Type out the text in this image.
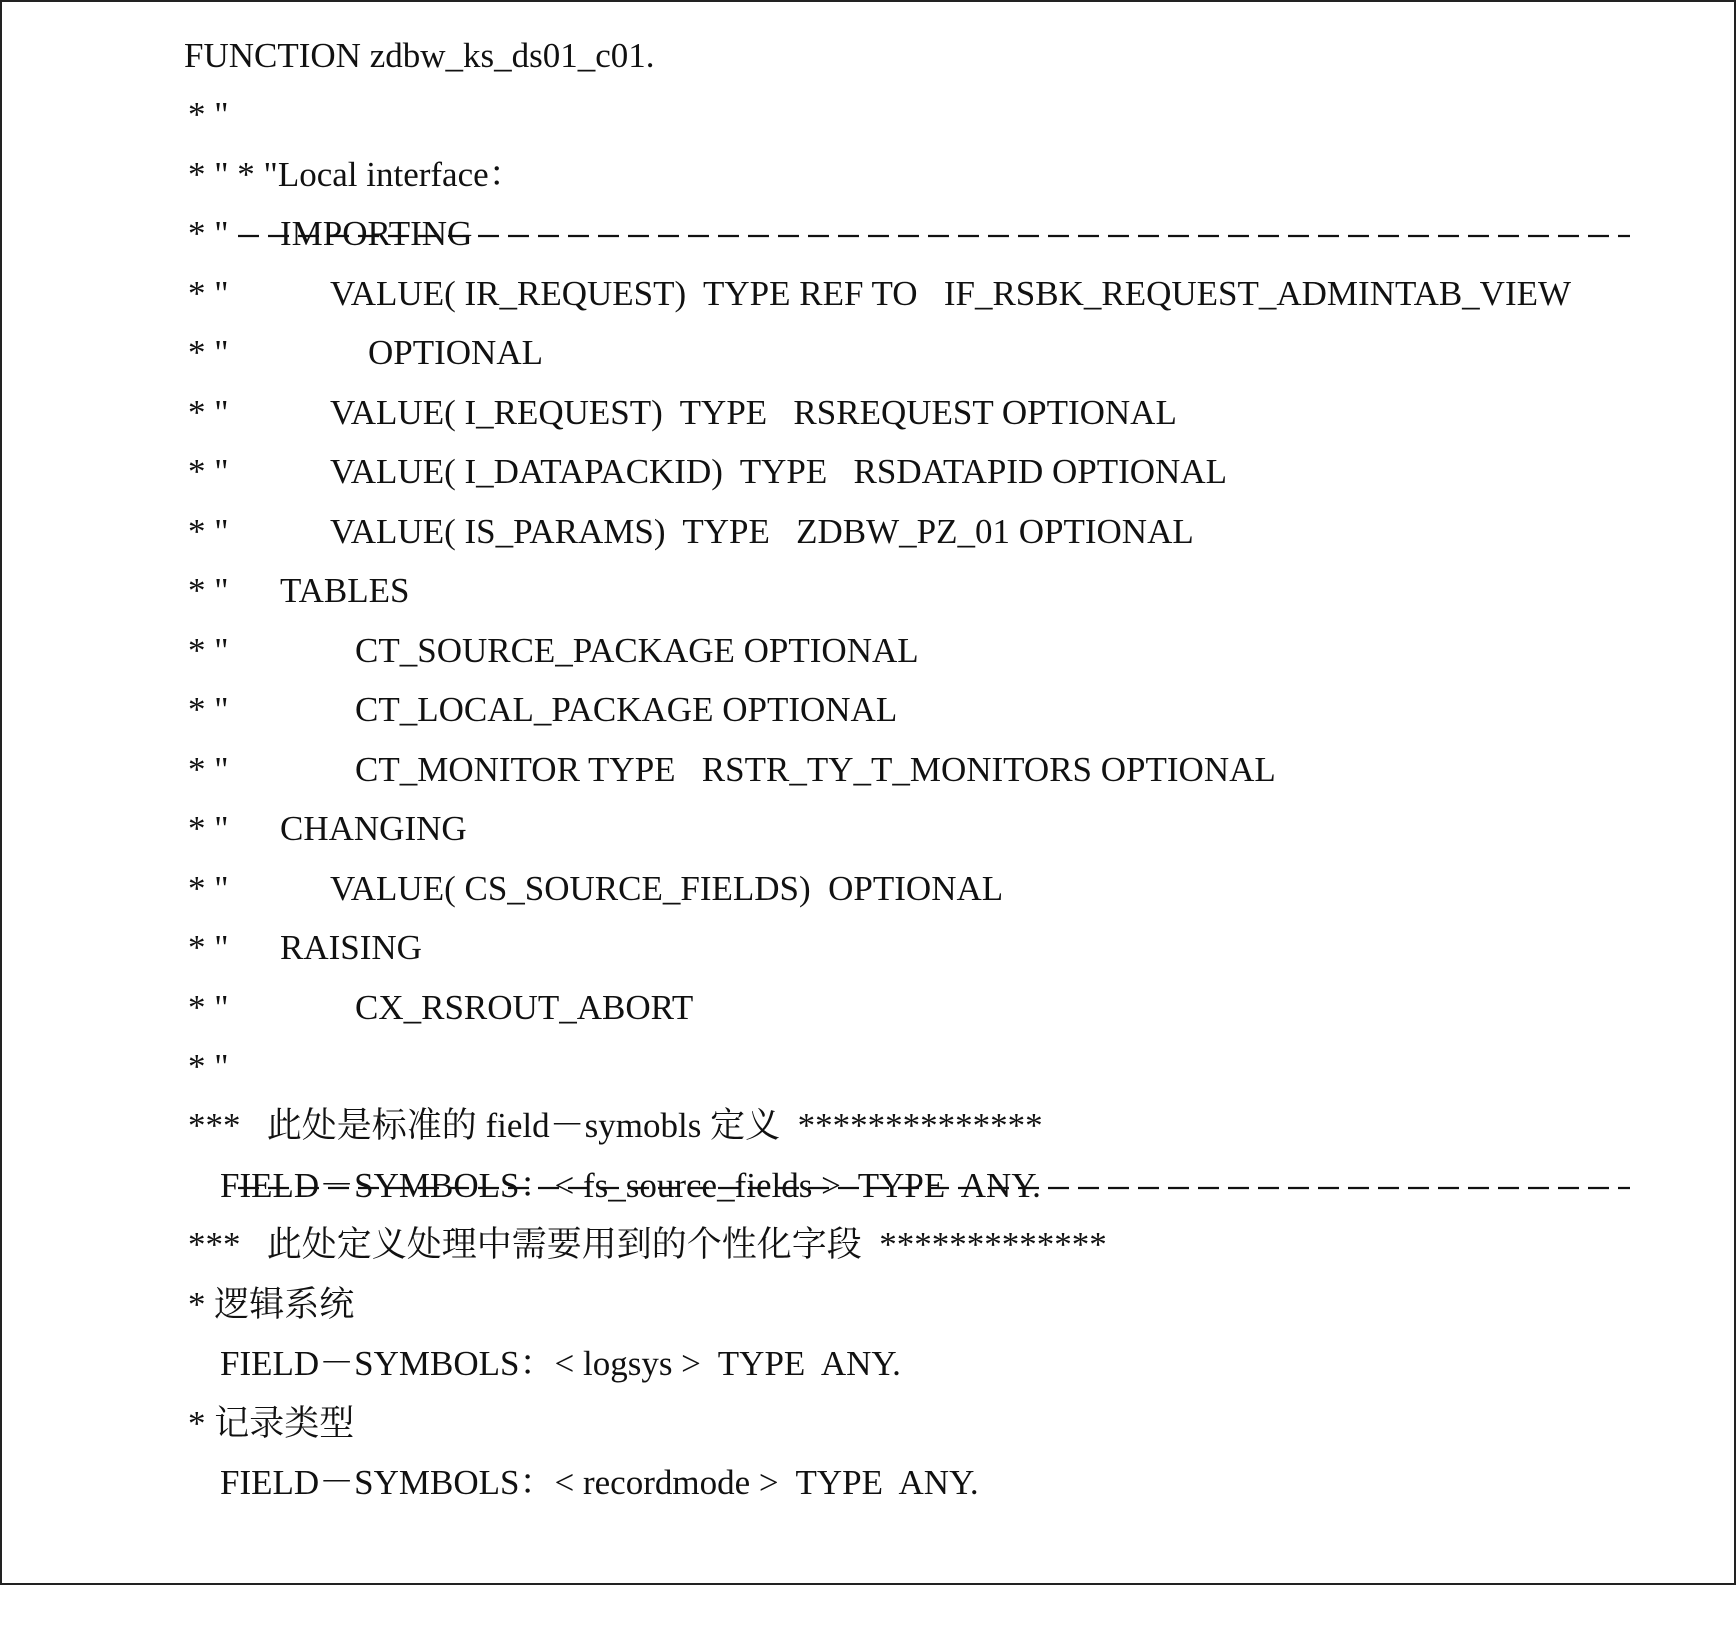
FUNCTION zdbw_ks_ds01_c01.

* "

* " * "Local interface：

* "

IMPORTING

* "

	VALUE( IR_REQUEST)  TYPE REF TO   IF_RSBK_REQUEST_ADMINTAB_VIEW

* "

	OPTIONAL

* "

	VALUE( I_REQUEST)  TYPE   RSREQUEST OPTIONAL

* "

	VALUE( I_DATAPACKID)  TYPE   RSDATAPID OPTIONAL

* "

	VALUE( IS_PARAMS)  TYPE   ZDBW_PZ_01 OPTIONAL

* "

TABLES

* "

	CT_SOURCE_PACKAGE OPTIONAL

* "

	CT_LOCAL_PACKAGE OPTIONAL

* "

	CT_MONITOR TYPE   RSTR_TY_T_MONITORS OPTIONAL

* "

CHANGING

* "

	VALUE( CS_SOURCE_FIELDS)  OPTIONAL

* "

RAISING

* "

	CX_RSROUT_ABORT

* "

***   此处是标准的 field－symobls 定义  **************

FIELD－SYMBOLS：< fs_source_fields >  TYPE  ANY.

***   此处定义处理中需要用到的个性化字段  *************

* 逻辑系统

FIELD－SYMBOLS：< logsys >  TYPE  ANY.

* 记录类型

FIELD－SYMBOLS：< recordmode >  TYPE  ANY.
